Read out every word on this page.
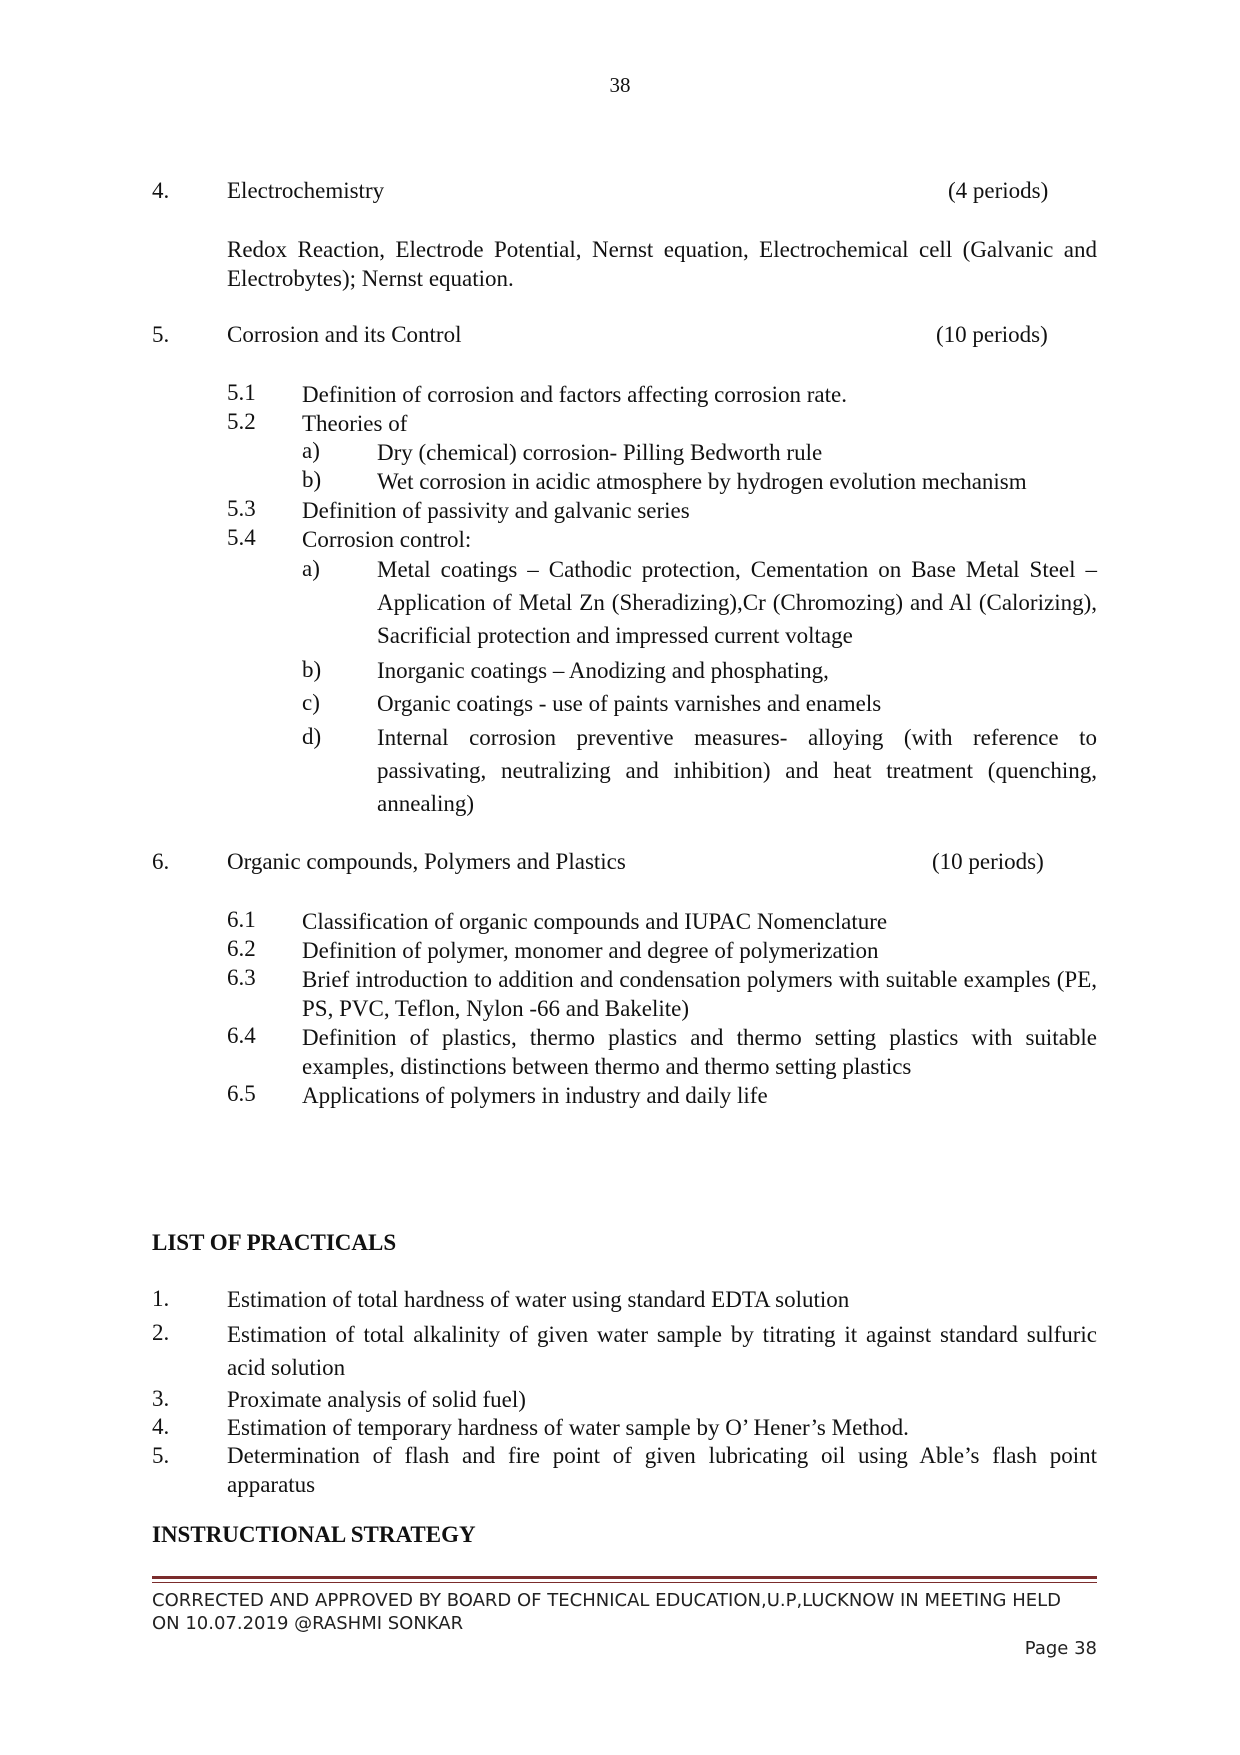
38
4.	Electrochemistry	(4 periods)
Redox Reaction, Electrode Potential, Nernst equation, Electrochemical cell (Galvanic and Electrobytes); Nernst equation.
5.	Corrosion and its Control	(10 periods)
5.1 Definition of corrosion and factors affecting corrosion rate.
5.2 Theories of
a) Dry (chemical) corrosion- Pilling Bedworth rule
b) Wet corrosion in acidic atmosphere by hydrogen evolution mechanism
5.3 Definition of passivity and galvanic series
5.4 Corrosion control:
a) Metal coatings – Cathodic protection, Cementation on Base Metal Steel –Application of Metal Zn (Sheradizing),Cr (Chromozing) and Al (Calorizing), Sacrificial protection and impressed current voltage
b) Inorganic coatings – Anodizing and phosphating,
c) Organic coatings - use of paints varnishes and enamels
d) Internal corrosion preventive measures- alloying (with reference to passivating, neutralizing and inhibition) and heat treatment (quenching, annealing)
6.	Organic compounds, Polymers and Plastics	(10 periods)
6.1 Classification of organic compounds and IUPAC Nomenclature
6.2 Definition of polymer, monomer and degree of polymerization
6.3 Brief introduction to addition and condensation polymers with suitable examples (PE, PS, PVC, Teflon, Nylon -66 and Bakelite)
6.4 Definition of plastics, thermo plastics and thermo setting plastics with suitable examples, distinctions between thermo and thermo setting plastics
6.5 Applications of polymers in industry and daily life
LIST OF PRACTICALS
1.	Estimation of total hardness of water using standard EDTA solution
2.	Estimation of total alkalinity of given water sample by titrating it against standard sulfuric acid solution
3.	Proximate analysis of solid fuel)
4.	Estimation of temporary hardness of water sample by O’ Hener’s Method.
5.	Determination of flash and fire point of given lubricating oil using Able’s flash point apparatus
INSTRUCTIONAL STRATEGY
CORRECTED AND APPROVED BY BOARD OF TECHNICAL EDUCATION,U.P,LUCKNOW IN MEETING HELD
ON 10.07.2019 @RASHMI SONKAR
Page 38
